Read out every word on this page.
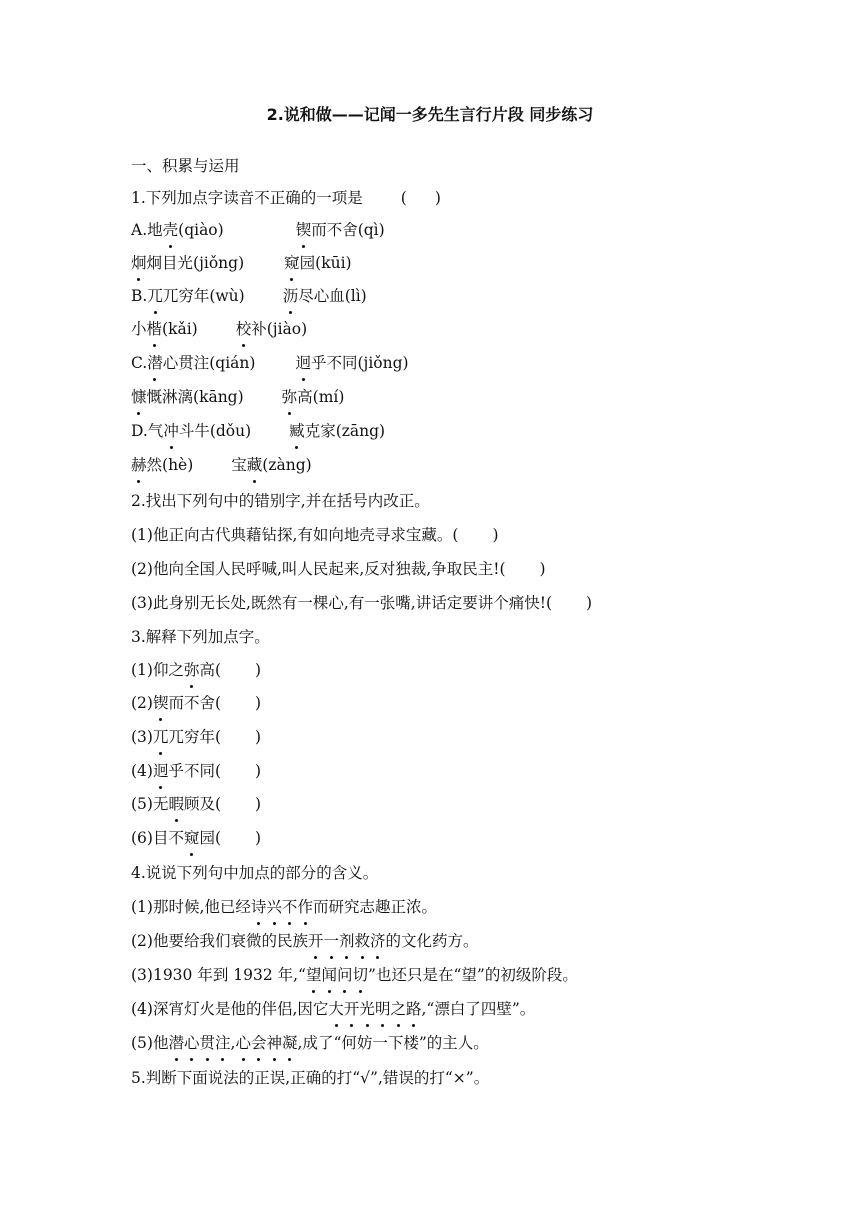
2.说和做——记闻一多先生言行片段 同步练习
一、积累与运用
1.下列加点字读音不正确的一项是 ( )
A.地壳(qiào)	锲而不舍(qì)
炯炯目光(jiǒng)	窥园(kūi)
B.兀兀穷年(wù) 沥尽心血(lì)
小楷(kǎi) 校补(jiào)
C.潜心贯注(qián)	迥乎不同(jiǒng)
慷慨淋漓(kāng) 弥高(mí)
D.气冲斗牛(dǒu) 臧克家(zāng)
赫然(hè) 宝藏(zàng)
2.找出下列句中的错别字,并在括号内改正。
(1)他正向古代典藉钻探,有如向地壳寻求宝藏。( )
(2)他向全国人民呼喊,叫人民起来,反对独裁,争取民主!( )
(3)此身别无长处,既然有一棵心,有一张嘴,讲话定要讲个痛快!( )
3.解释下列加点字。
(1)仰之弥高( )
(2)锲而不舍( )
(3)兀兀穷年( )
(4)迥乎不同( )
(5)无暇顾及( )
(6)目不窥园( )
4.说说下列句中加点的部分的含义。
(1)那时候,他已经诗兴不作而研究志趣正浓。
(2)他要给我们衰微的民族开一剂救济的文化药方。
(3)1930 年到 1932 年,“望闻问切”也还只是在“望”的初级阶段。
(4)深宵灯火是他的伴侣,因它大开光明之路,“漂白了四壁”。
(5)他潜心贯注,心会神凝,成了“何妨一下楼”的主人。
5.判断下面说法的正误,正确的打“√”,错误的打“×”。
